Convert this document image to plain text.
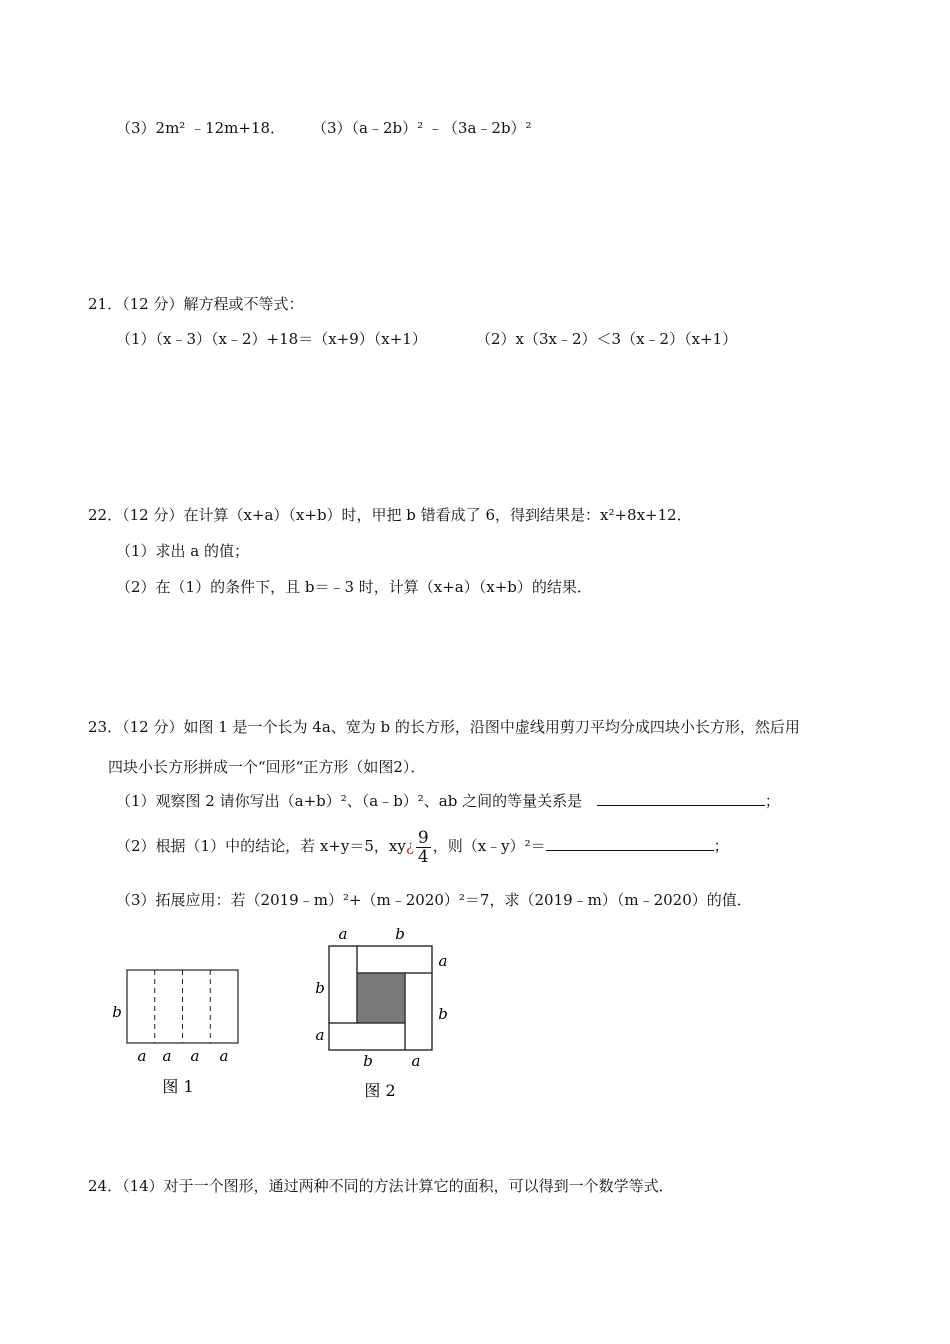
（3）2m² ﹣12m+18． （3）（a﹣2b）² ﹣（3a﹣2b）²
21．（12 分）解方程或不等式：
（1）（x﹣3）（x﹣2）+18＝（x+9）（x+1）	（2）x（3x﹣2）＜3（x﹣2）（x+1）
22．（12 分）在计算（x+a）（x+b）时，甲把 b 错看成了 6，得到结果是：x²+8x+12．
（1）求出 a 的值；
（2）在（1）的条件下，且 b＝﹣3 时，计算（x+a）（x+b）的结果．
23．（12 分）如图 1 是一个长为 4a、宽为 b 的长方形，沿图中虚线用剪刀平均分成四块小长方形，然后用
四块小长方形拼成一个“回形“正方形（如图2）．
（1）观察图 2 请你写出（a+b）²、（a﹣b）²、ab 之间的等量关系是	；
（2）根据（1）中的结论，若 x+y＝5，xy¿ $\frac{9}{4}$ ，则（x﹣y）²＝	；
（3）拓展应用：若（2019﹣m）²+（m﹣2020）²＝7，求（2019﹣m）（m﹣2020）的值．
b
a a a a
图 1
a	b
a
b
b
a
b	a
图 2
24．（14）对于一个图形，通过两种不同的方法计算它的面积，可以得到一个数学等式．
